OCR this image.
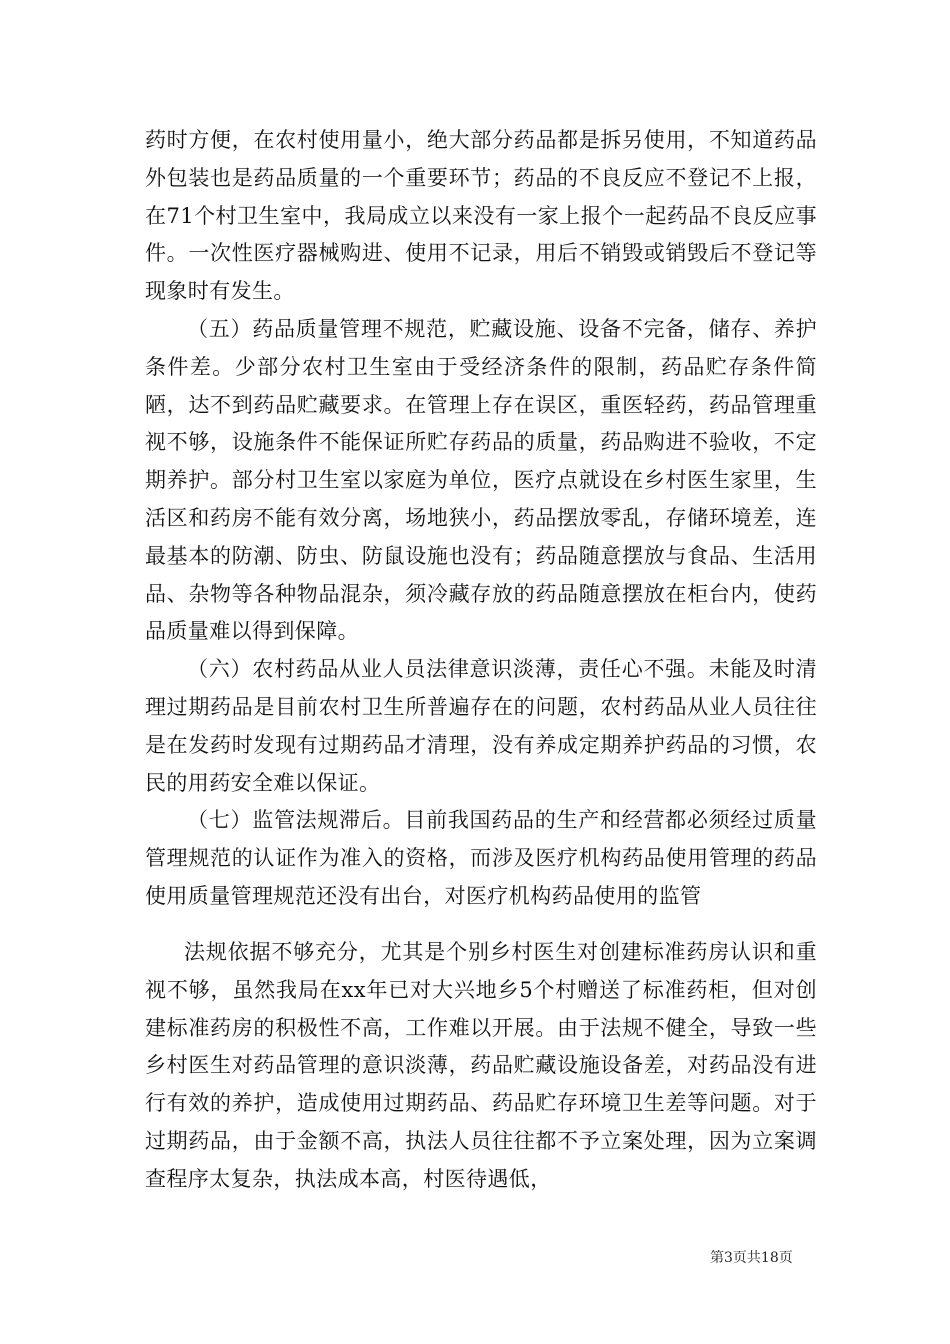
药时方便，在农村使用量小，绝大部分药品都是拆另使用，不知道药品外包装也是药品质量的一个重要环节；药品的不良反应不登记不上报，在71个村卫生室中，我局成立以来没有一家上报个一起药品不良反应事件。一次性医疗器械购进、使用不记录，用后不销毁或销毁后不登记等现象时有发生。

（五）药品质量管理不规范，贮藏设施、设备不完备，储存、养护条件差。少部分农村卫生室由于受经济条件的限制，药品贮存条件简陋，达不到药品贮藏要求。在管理上存在误区，重医轻药，药品管理重视不够，设施条件不能保证所贮存药品的质量，药品购进不验收，不定期养护。部分村卫生室以家庭为单位，医疗点就设在乡村医生家里，生活区和药房不能有效分离，场地狭小，药品摆放零乱，存储环境差，连最基本的防潮、防虫、防鼠设施也没有；药品随意摆放与食品、生活用品、杂物等各种物品混杂，须冷藏存放的药品随意摆放在柜台内，使药品质量难以得到保障。

（六）农村药品从业人员法律意识淡薄，责任心不强。未能及时清理过期药品是目前农村卫生所普遍存在的问题，农村药品从业人员往往是在发药时发现有过期药品才清理，没有养成定期养护药品的习惯，农民的用药安全难以保证。

（七）监管法规滞后。目前我国药品的生产和经营都必须经过质量管理规范的认证作为准入的资格，而涉及医疗机构药品使用管理的药品使用质量管理规范还没有出台，对医疗机构药品使用的监管

法规依据不够充分，尤其是个别乡村医生对创建标准药房认识和重视不够，虽然我局在xx年已对大兴地乡5个村赠送了标准药柜，但对创建标准药房的积极性不高，工作难以开展。由于法规不健全，导致一些乡村医生对药品管理的意识淡薄，药品贮藏设施设备差，对药品没有进行有效的养护，造成使用过期药品、药品贮存环境卫生差等问题。对于过期药品，由于金额不高，执法人员往往都不予立案处理，因为立案调查程序太复杂，执法成本高，村医待遇低，

第3页共18页
